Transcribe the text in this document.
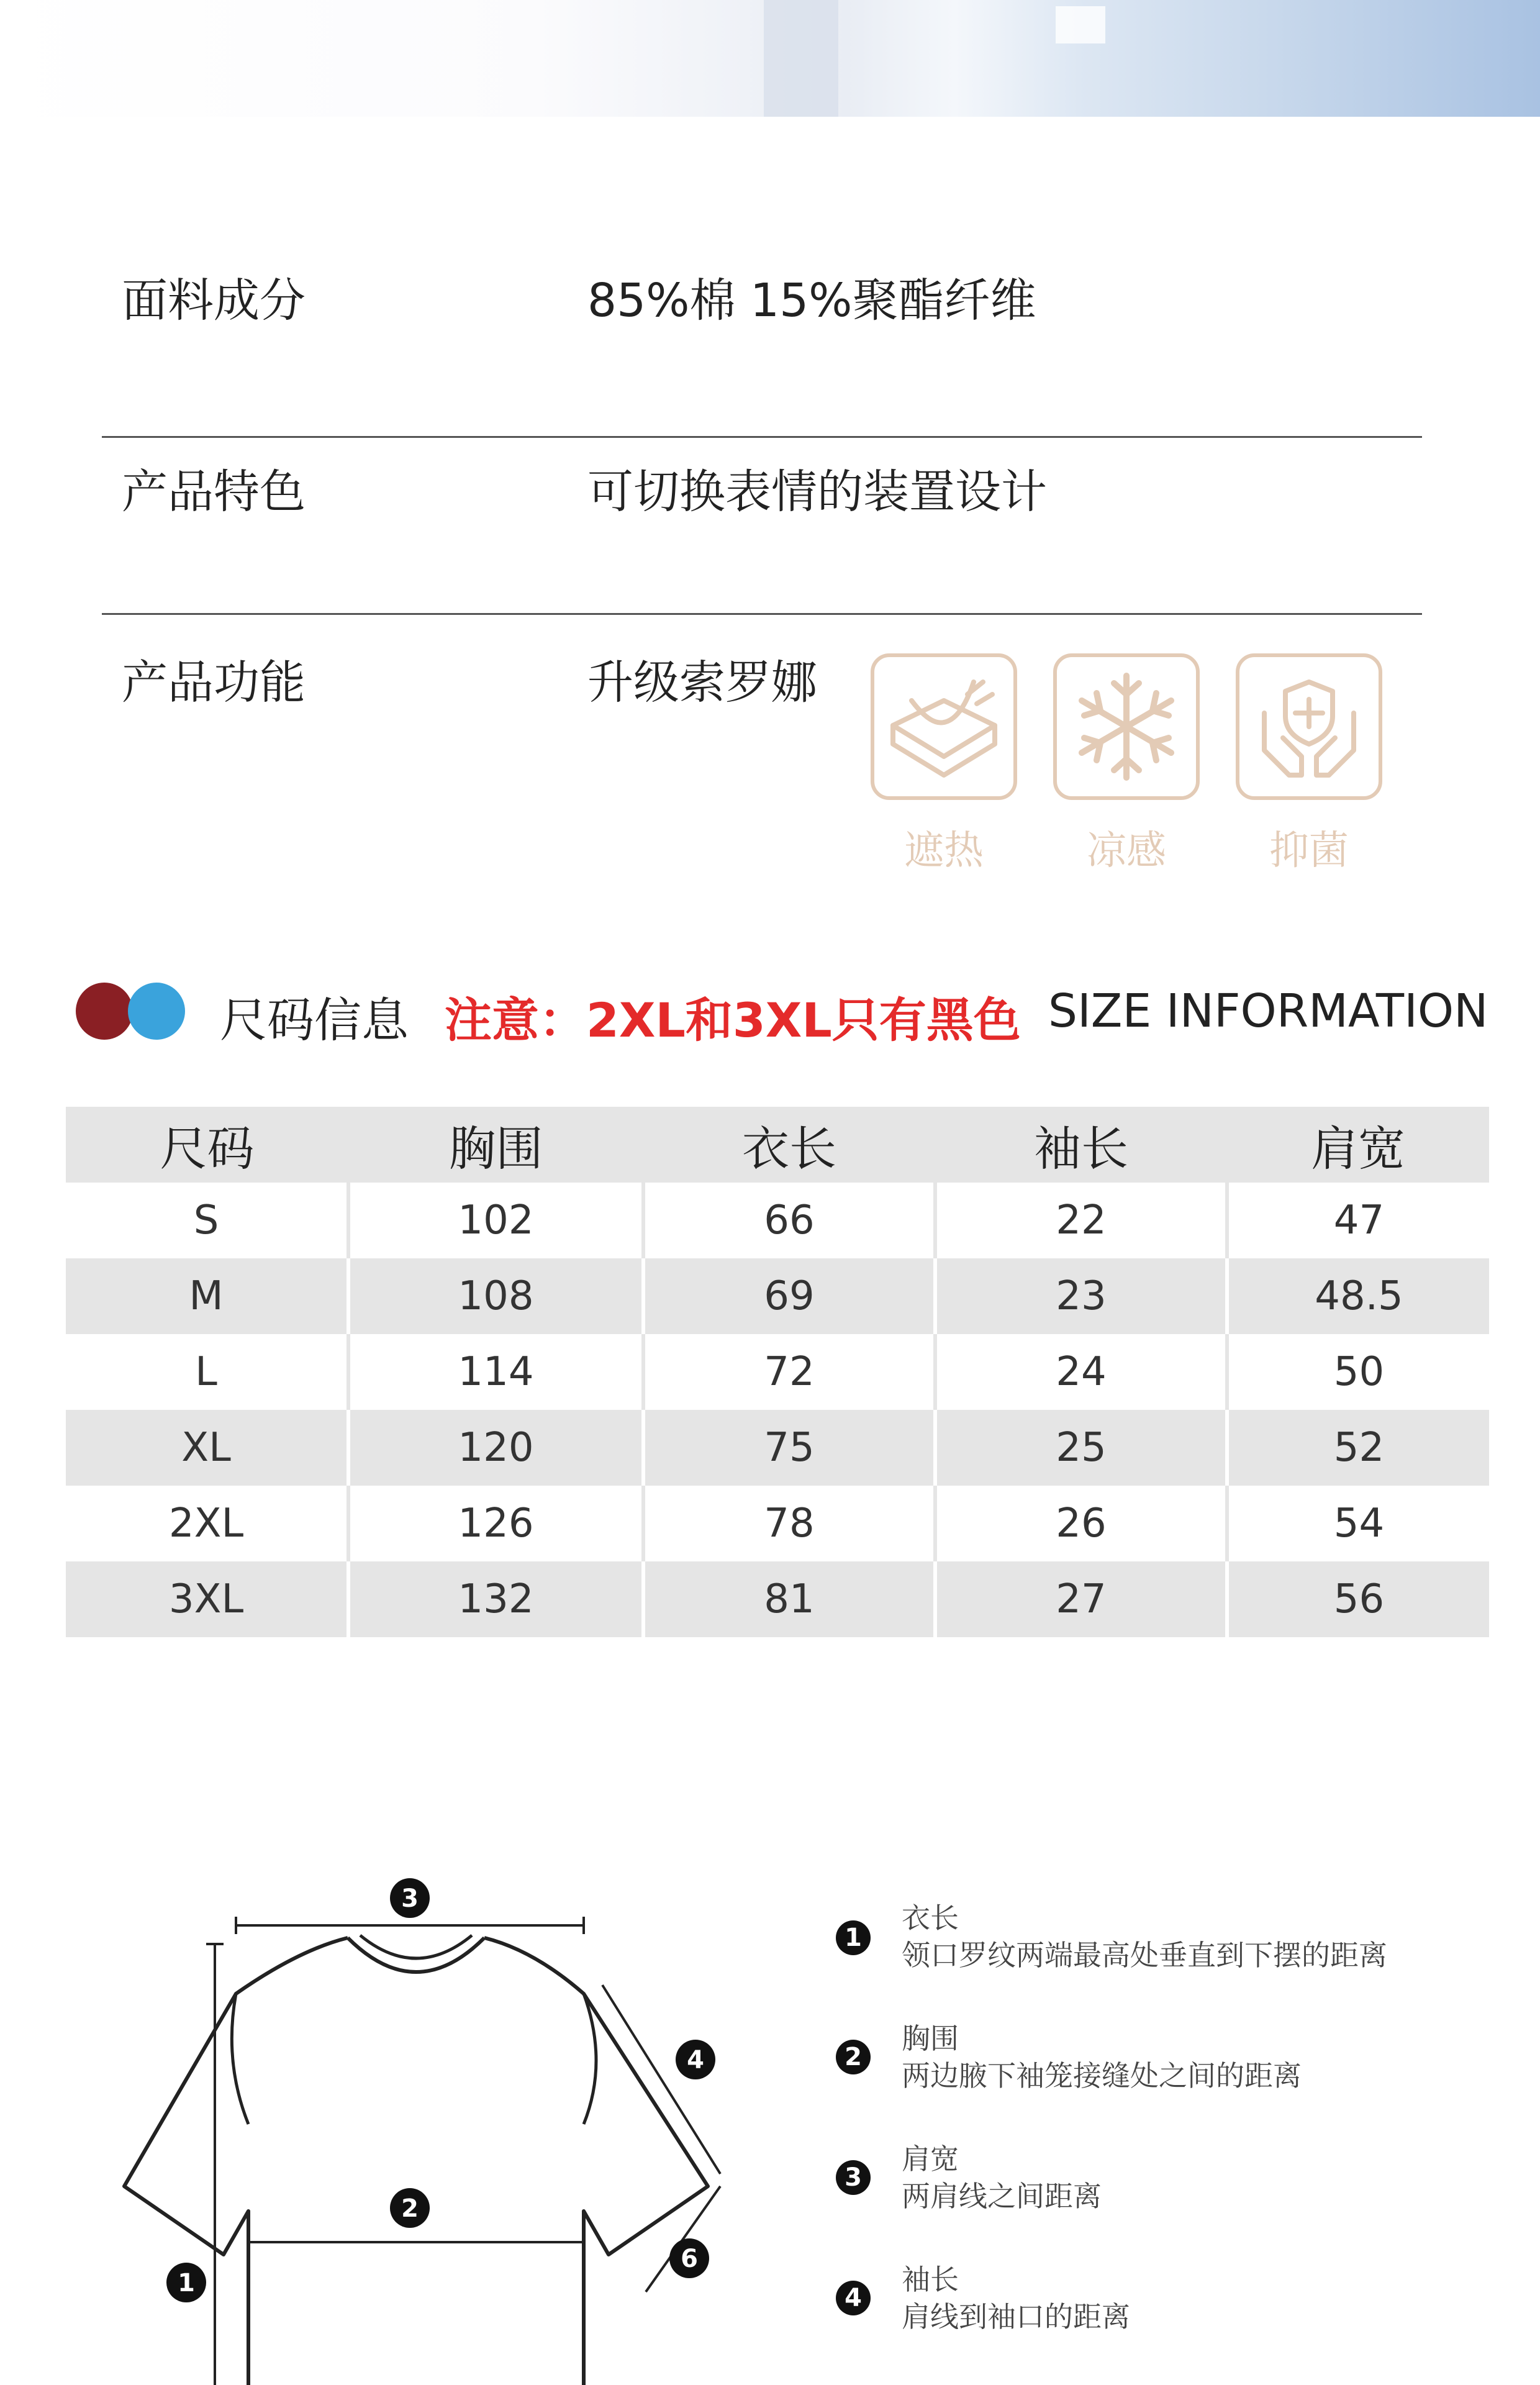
面料成分	85%棉 15%聚酯纤维
产品特色	可切换表情的装置设计
产品功能	升级索罗娜
遮热	凉感	抑菌
尺码信息 注意：2XL和3XL只有黑色 SIZE INFORMATION
尺码	胸围	衣长	袖长	肩宽
S	102	66	22	47
M	108	69	23	48.5
L	114	72	24	50
XL	120	75	25	52
2XL	126	78	26	54
3XL	132	81	27	56
3
1
2
4
6
1
衣长
领口罗纹两端最高处垂直到下摆的距离
2
胸围
两边腋下袖笼接缝处之间的距离
3
肩宽
两肩线之间距离
4
袖长
肩线到袖口的距离
